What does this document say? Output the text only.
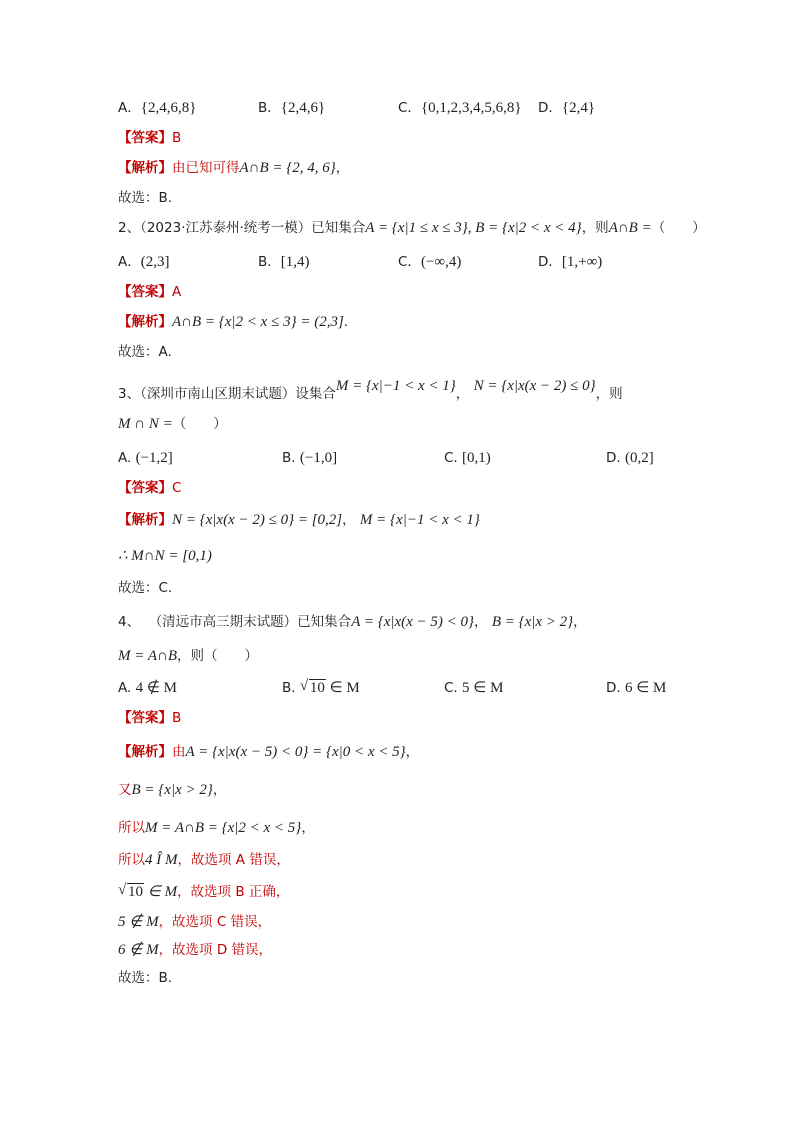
A．{2,4,6,8}	B．{2,4,6}	C．{0,1,2,3,4,5,6,8} D．{2,4}
【答案】B
【解析】由已知可得A∩B = {2, 4, 6}，
故选：B.
2、（2023·江苏泰州·统考一模）已知集合A = {x|1 ≤ x ≤ 3}, B = {x|2 < x < 4}，则A∩B =（　　）
A．(2,3]	B．[1,4)	C．(−∞,4)	D．[1,+∞)
【答案】A
【解析】A∩B = {x|2 < x ≤ 3} = (2,3].
故选：A.
3、（深圳市南山区期末试题）设集合M = {x|−1 < x < 1}， N = {x|x(x − 2) ≤ 0}，则
M ∩ N =（　　）
A. (−1,2]	B. (−1,0]	C. [0,1)	D. (0,2]
【答案】C
【解析】N = {x|x(x − 2) ≤ 0} = [0,2]， M = {x|−1 < x < 1}
∴ M∩N = [0,1)
故选：C.
4、 （清远市高三期末试题）已知集合A = {x|x(x − 5) < 0}， B = {x|x > 2}，
M = A∩B，则（　　）
A. 4 ∉ M	B. √ 10 ∈ M	C. 5 ∈ M	D. 6 ∈ M
【答案】B
【解析】由A = {x|x(x − 5) < 0} = {x|0 < x < 5}，
又B = {x|x > 2}，
所以M = A∩B = {x|2 < x < 5}，
所以4 Î M，故选项 A 错误，
√ 10 ∈ M，故选项 B 正确，
5 ∉ M，故选项 C 错误，
6 ∉ M，故选项 D 错误，
故选：B.
